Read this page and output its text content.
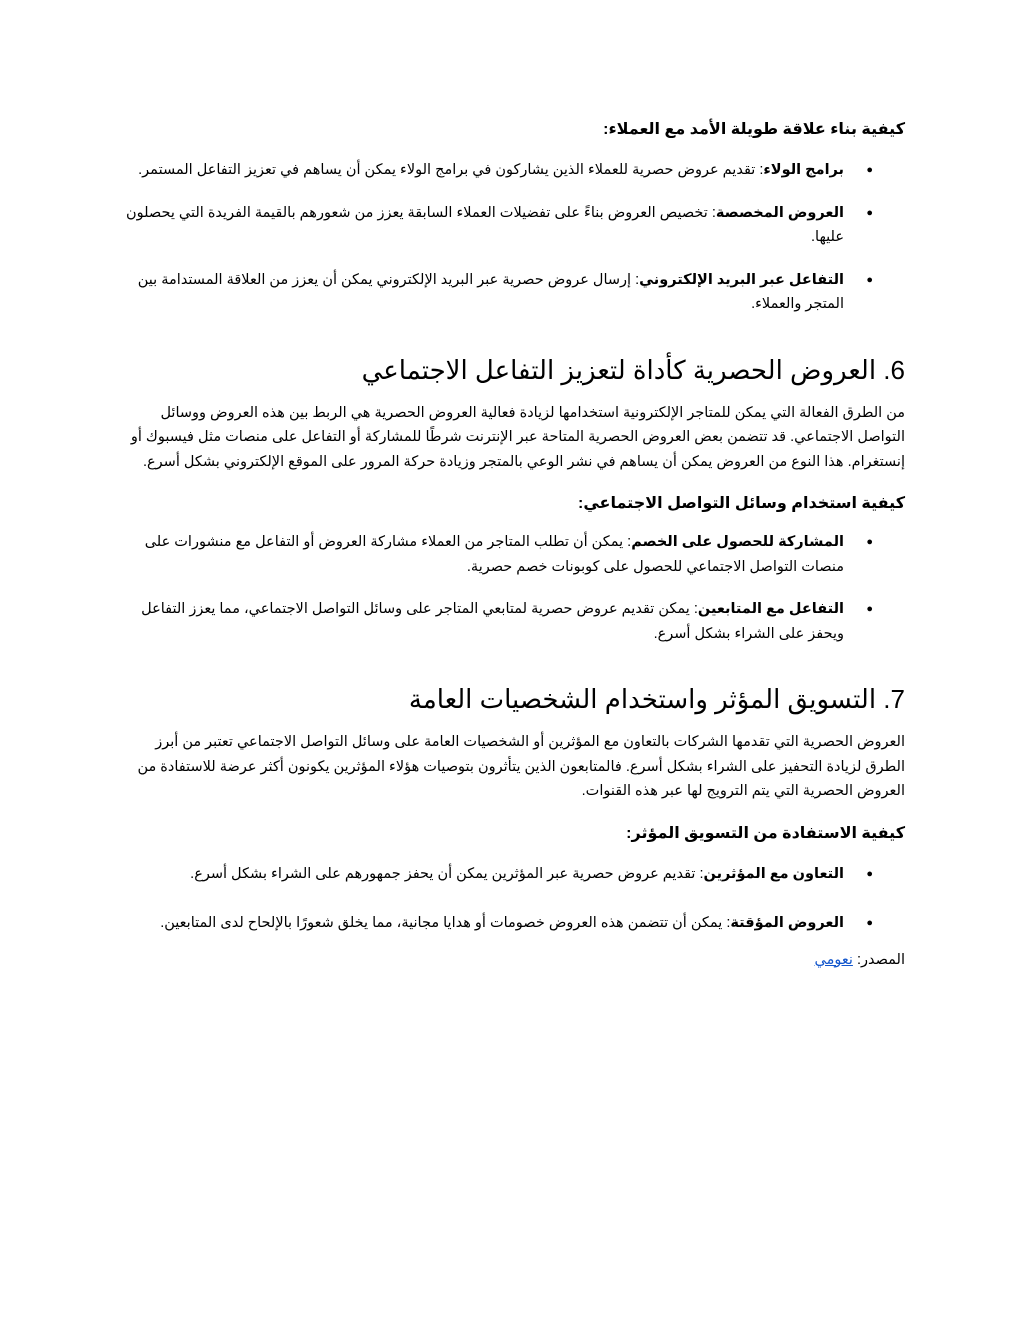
كيفية بناء علاقة طويلة الأمد مع العملاء:
●
برامج الولاء: تقديم عروض حصرية للعملاء الذين يشاركون في برامج الولاء يمكن أن يساهم في تعزيز التفاعل المستمر.
●
العروض المخصصة: تخصيص العروض بناءً على تفضيلات العملاء السابقة يعزز من شعورهم بالقيمة الفريدة التي يحصلون عليها.
●
التفاعل عبر البريد الإلكتروني: إرسال عروض حصرية عبر البريد الإلكتروني يمكن أن يعزز من العلاقة المستدامة بين المتجر والعملاء.
6. العروض الحصرية كأداة لتعزيز التفاعل الاجتماعي

من الطرق الفعالة التي يمكن للمتاجر الإلكترونية استخدامها لزيادة فعالية العروض الحصرية هي الربط بين هذه العروض ووسائل التواصل الاجتماعي. قد تتضمن بعض العروض الحصرية المتاحة عبر الإنترنت شرطًا للمشاركة أو التفاعل على منصات مثل فيسبوك أو إنستغرام. هذا النوع من العروض يمكن أن يساهم في نشر الوعي بالمتجر وزيادة حركة المرور على الموقع الإلكتروني بشكل أسرع.

كيفية استخدام وسائل التواصل الاجتماعي:
●
المشاركة للحصول على الخصم: يمكن أن تطلب المتاجر من العملاء مشاركة العروض أو التفاعل مع منشورات على منصات التواصل الاجتماعي للحصول على كوبونات خصم حصرية.
●
التفاعل مع المتابعين: يمكن تقديم عروض حصرية لمتابعي المتاجر على وسائل التواصل الاجتماعي، مما يعزز التفاعل ويحفز على الشراء بشكل أسرع.
7. التسويق المؤثر واستخدام الشخصيات العامة

العروض الحصرية التي تقدمها الشركات بالتعاون مع المؤثرين أو الشخصيات العامة على وسائل التواصل الاجتماعي تعتبر من أبرز الطرق لزيادة التحفيز على الشراء بشكل أسرع. فالمتابعون الذين يتأثرون بتوصيات هؤلاء المؤثرين يكونون أكثر عرضة للاستفادة من العروض الحصرية التي يتم الترويج لها عبر هذه القنوات.

كيفية الاستفادة من التسويق المؤثر:
●
التعاون مع المؤثرين: تقديم عروض حصرية عبر المؤثرين يمكن أن يحفز جمهورهم على الشراء بشكل أسرع.
●
العروض المؤقتة: يمكن أن تتضمن هذه العروض خصومات أو هدايا مجانية، مما يخلق شعورًا بالإلحاح لدى المتابعين.

المصدر: نعومي
